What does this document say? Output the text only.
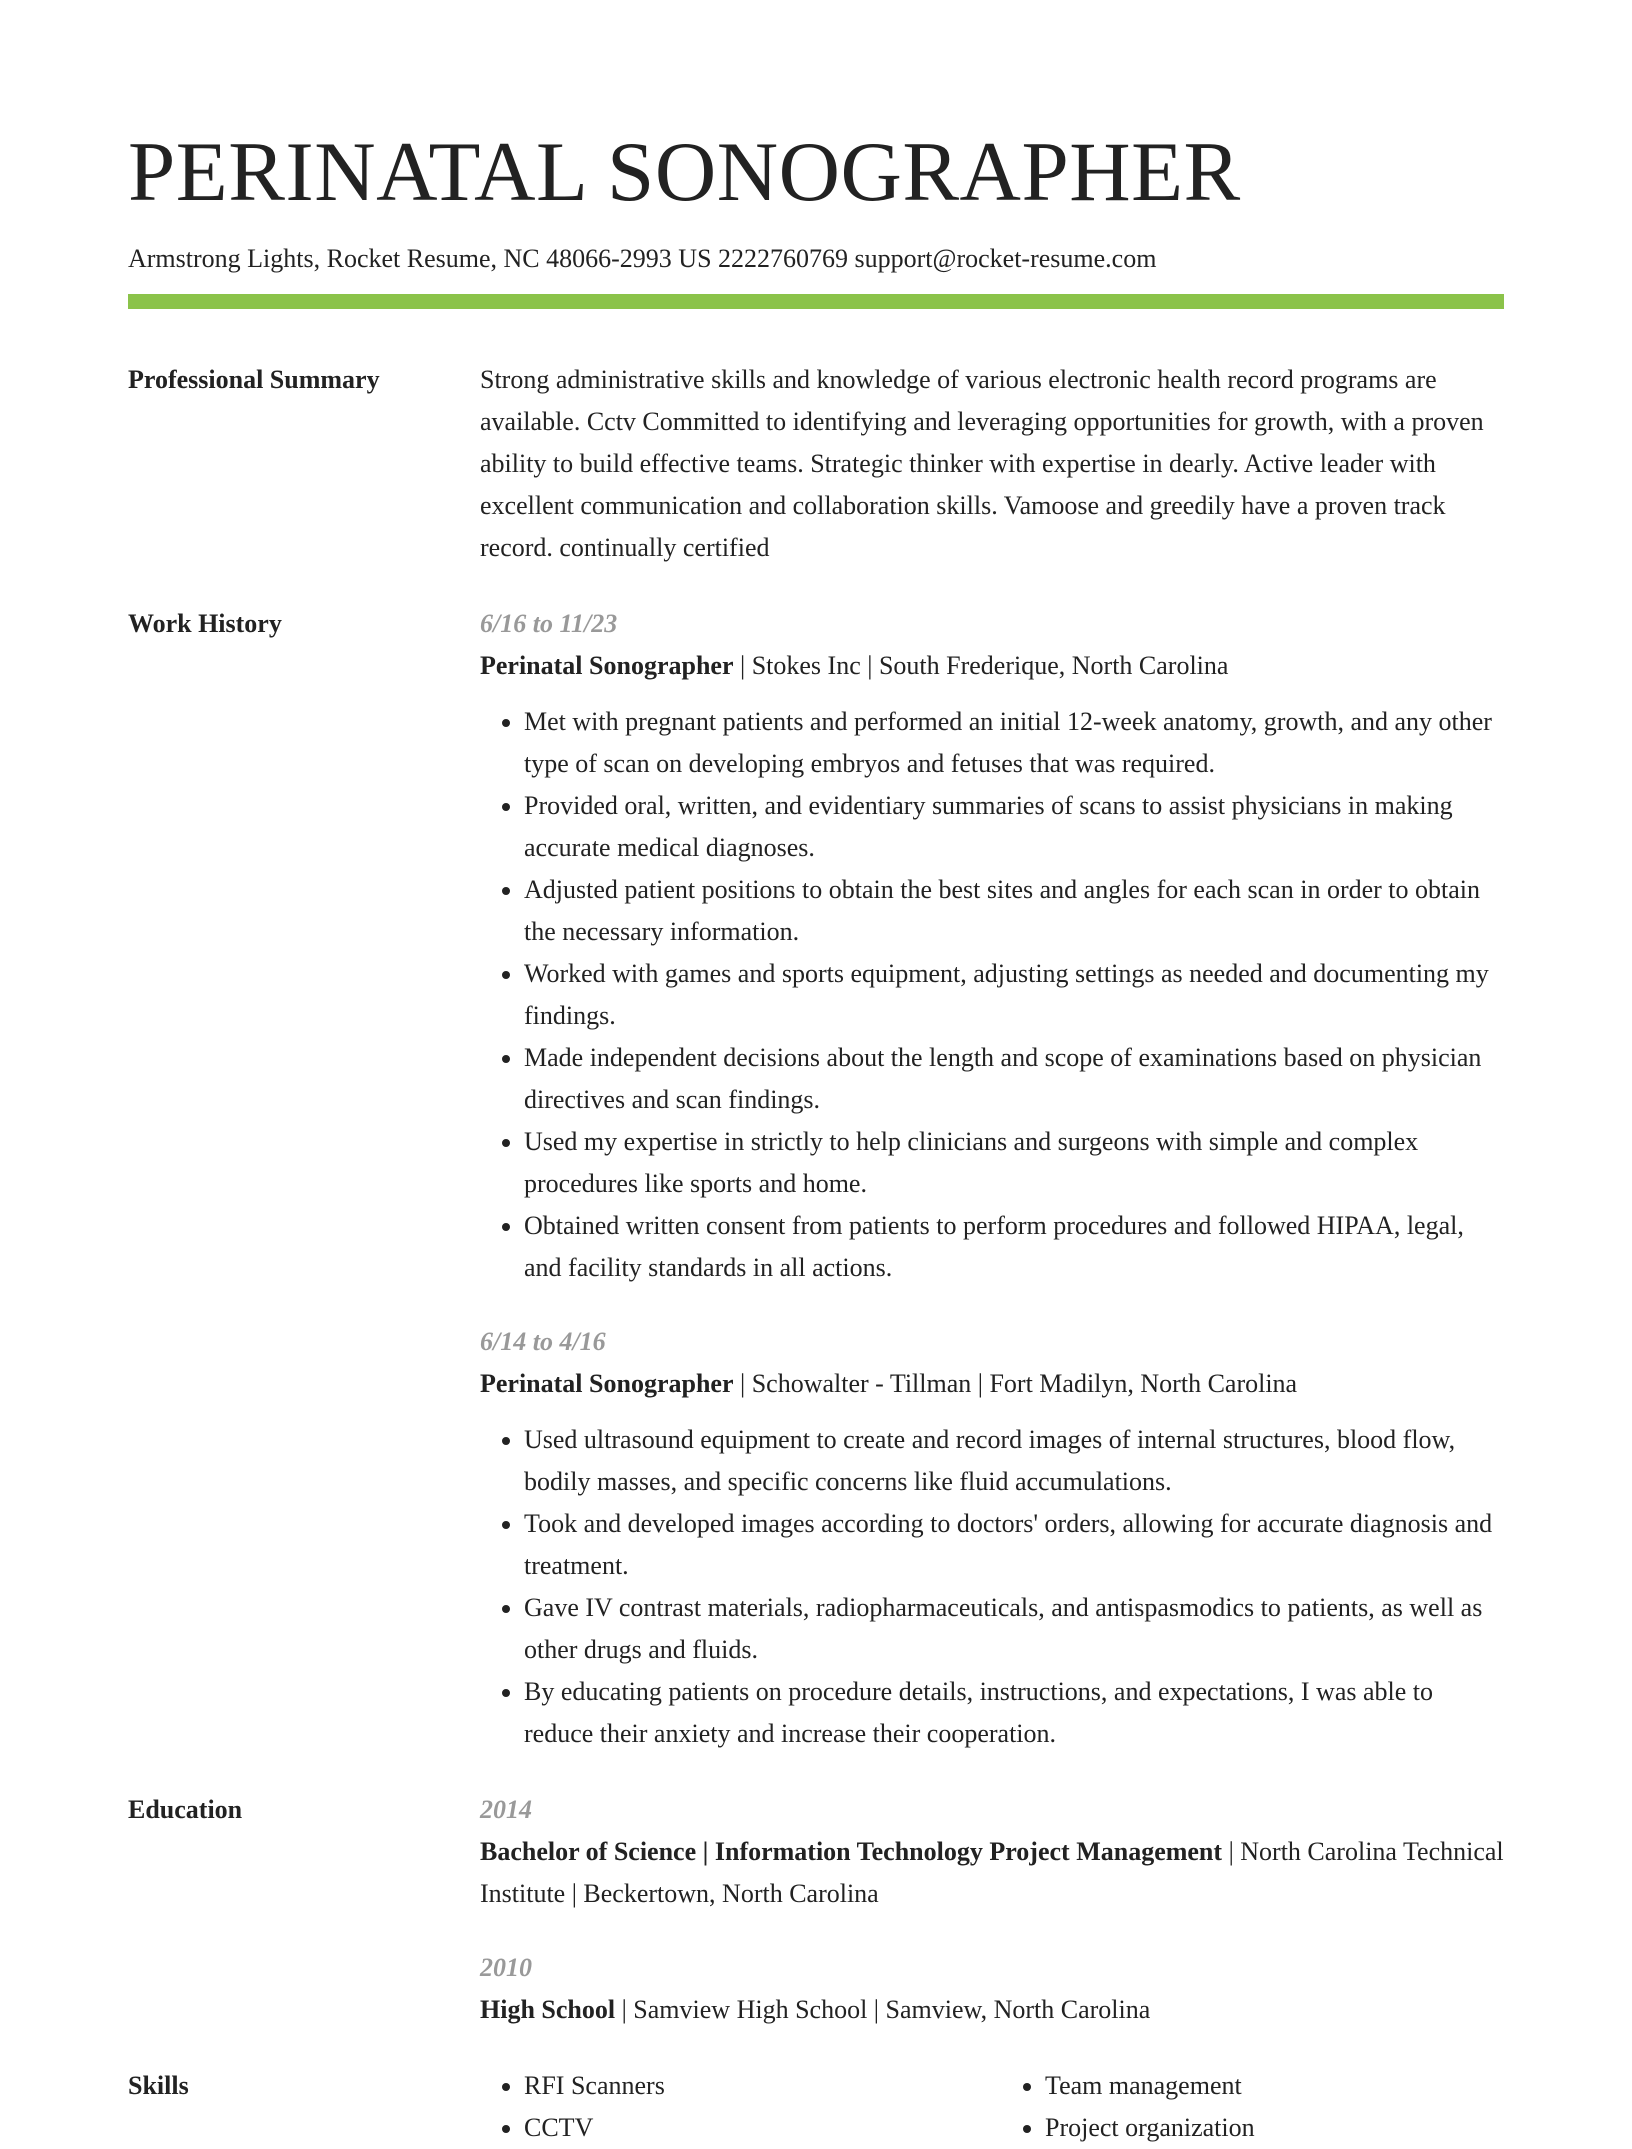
PERINATAL SONOGRAPHER
Armstrong Lights, Rocket Resume, NC 48066-2993 US 2222760769 support@rocket-resume.com
Professional Summary	Strong administrative skills and knowledge of various electronic health record programs are available. Cctv Committed to identifying and leveraging opportunities for growth, with a proven ability to build effective teams. Strategic thinker with expertise in dearly. Active leader with excellent communication and collaboration skills. Vamoose and greedily have a proven track record. continually certified
Work History	6/16 to 11/23
Perinatal Sonographer | Stokes Inc | South Frederique, North Carolina
• Met with pregnant patients and performed an initial 12-week anatomy, growth, and any other type of scan on developing embryos and fetuses that was required.
• Provided oral, written, and evidentiary summaries of scans to assist physicians in making accurate medical diagnoses.
• Adjusted patient positions to obtain the best sites and angles for each scan in order to obtain the necessary information.
• Worked with games and sports equipment, adjusting settings as needed and documenting my findings.
• Made independent decisions about the length and scope of examinations based on physician directives and scan findings.
• Used my expertise in strictly to help clinicians and surgeons with simple and complex procedures like sports and home.
• Obtained written consent from patients to perform procedures and followed HIPAA, legal, and facility standards in all actions.
6/14 to 4/16
Perinatal Sonographer | Schowalter - Tillman | Fort Madilyn, North Carolina
• Used ultrasound equipment to create and record images of internal structures, blood flow, bodily masses, and specific concerns like fluid accumulations.
• Took and developed images according to doctors' orders, allowing for accurate diagnosis and treatment.
• Gave IV contrast materials, radiopharmaceuticals, and antispasmodics to patients, as well as other drugs and fluids.
• By educating patients on procedure details, instructions, and expectations, I was able to reduce their anxiety and increase their cooperation.
Education	2014
Bachelor of Science | Information Technology Project Management | North Carolina Technical Institute | Beckertown, North Carolina
2010
High School | Samview High School | Samview, North Carolina
Skills	• RFI Scanners	• Team management
• CCTV	• Project organization
